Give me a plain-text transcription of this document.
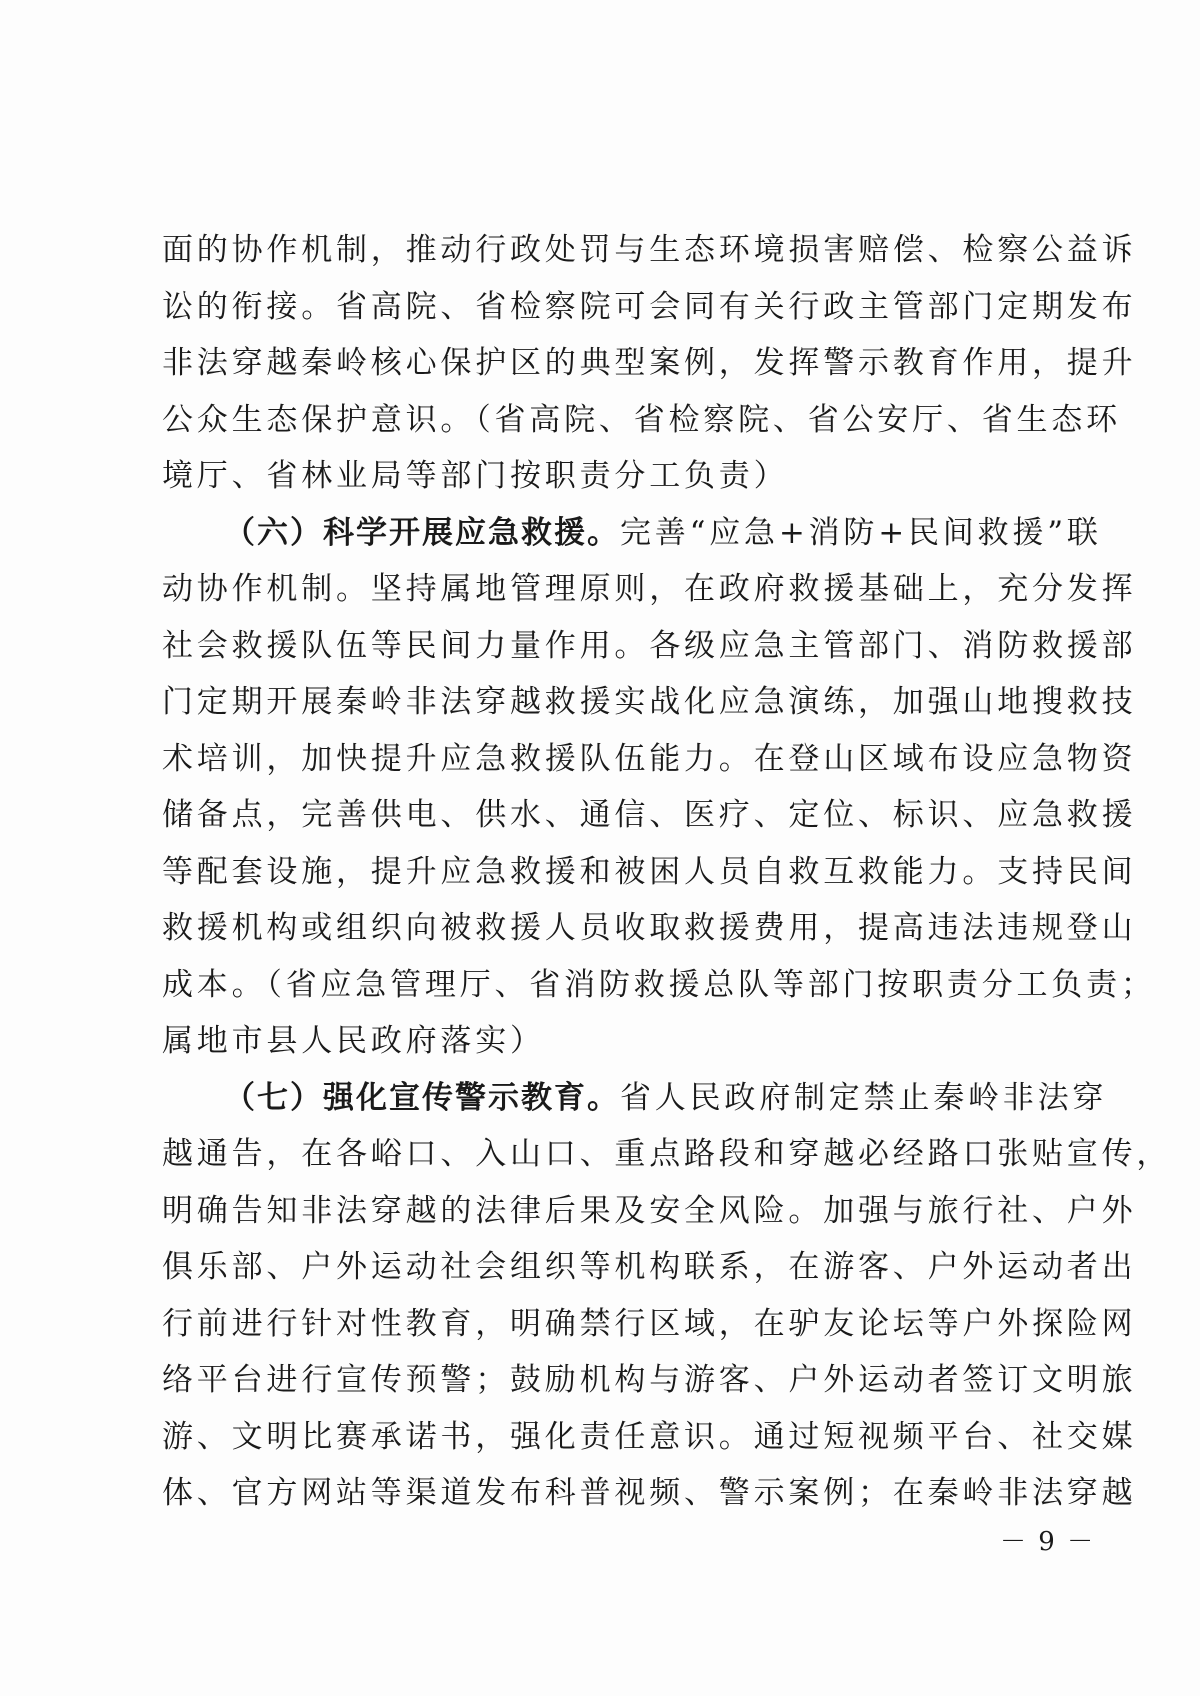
面的协作机制，推动行政处罚与生态环境损害赔偿、检察公益诉
讼的衔接。省高院、省检察院可会同有关行政主管部门定期发布
非法穿越秦岭核心保护区的典型案例，发挥警示教育作用，提升
公众生态保护意识。（省高院、省检察院、省公安厅、省生态环
境厅、省林业局等部门按职责分工负责）
（六）科学开展应急救援。完善“应急+消防+民间救援”联
动协作机制。坚持属地管理原则，在政府救援基础上，充分发挥
社会救援队伍等民间力量作用。各级应急主管部门、消防救援部
门定期开展秦岭非法穿越救援实战化应急演练，加强山地搜救技
术培训，加快提升应急救援队伍能力。在登山区域布设应急物资
储备点，完善供电、供水、通信、医疗、定位、标识、应急救援
等配套设施，提升应急救援和被困人员自救互救能力。支持民间
救援机构或组织向被救援人员收取救援费用，提高违法违规登山
成本。（省应急管理厅、省消防救援总队等部门按职责分工负责；
属地市县人民政府落实）
（七）强化宣传警示教育。省人民政府制定禁止秦岭非法穿
越通告，在各峪口、入山口、重点路段和穿越必经路口张贴宣传，
明确告知非法穿越的法律后果及安全风险。加强与旅行社、户外
俱乐部、户外运动社会组织等机构联系，在游客、户外运动者出
行前进行针对性教育，明确禁行区域，在驴友论坛等户外探险网
络平台进行宣传预警；鼓励机构与游客、户外运动者签订文明旅
游、文明比赛承诺书，强化责任意识。通过短视频平台、社交媒
体、官方网站等渠道发布科普视频、警示案例；在秦岭非法穿越
－ 9 －
